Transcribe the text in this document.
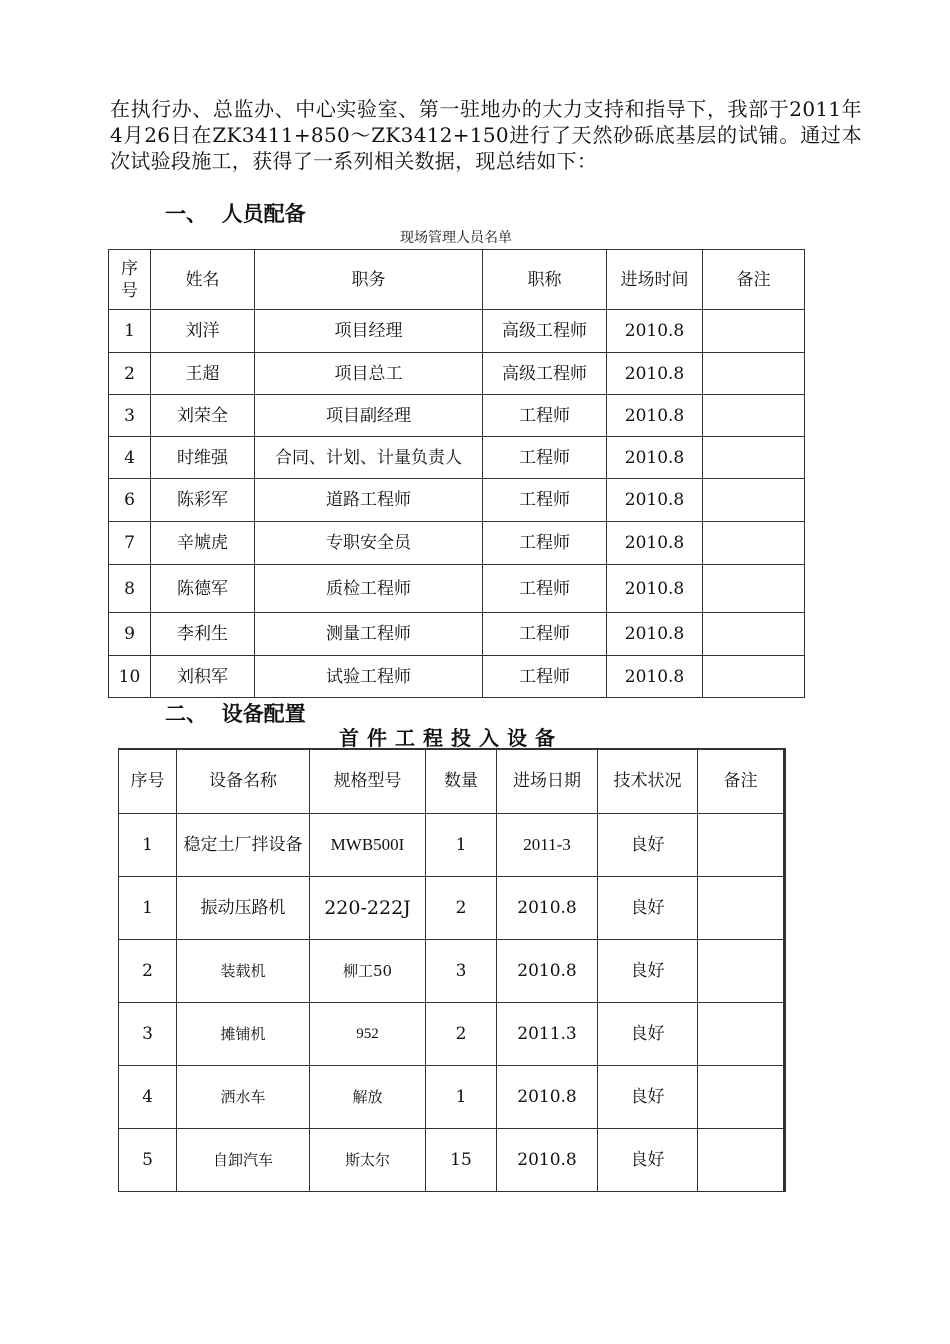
在执行办、总监办、中心实验室、第一驻地办的大力支持和指导下，我部于2011年4月26日在ZK3411+850～ZK3412+150进行了天然砂砾底基层的试铺。通过本次试验段施工，获得了一系列相关数据，现总结如下：

一、  人员配备

现场管理人员名单

序号	姓名	职务	职称	进场时间	备注
1	刘洋	项目经理	高级工程师	2010.8	
2	王超	项目总工	高级工程师	2010.8	
3	刘荣全	项目副经理	工程师	2010.8	
4	时维强	合同、计划、计量负责人	工程师	2010.8	
6	陈彩军	道路工程师	工程师	2010.8	
7	辛虓虎	专职安全员	工程师	2010.8	
8	陈德军	质检工程师	工程师	2010.8	
9	李利生	测量工程师	工程师	2010.8	
10	刘积军	试验工程师	工程师	2010.8	

二、  设备配置

首件工程投入设备

序号	设备名称	规格型号	数量	进场日期	技术状况	备注
1	稳定土厂拌设备	MWB500I	1	2011-3	良好	
1	振动压路机	220-222J	2	2010.8	良好	
2	装载机	柳工50	3	2010.8	良好	
3	摊铺机	952	2	2011.3	良好	
4	洒水车	解放	1	2010.8	良好	
5	自卸汽车	斯太尔	15	2010.8	良好	
